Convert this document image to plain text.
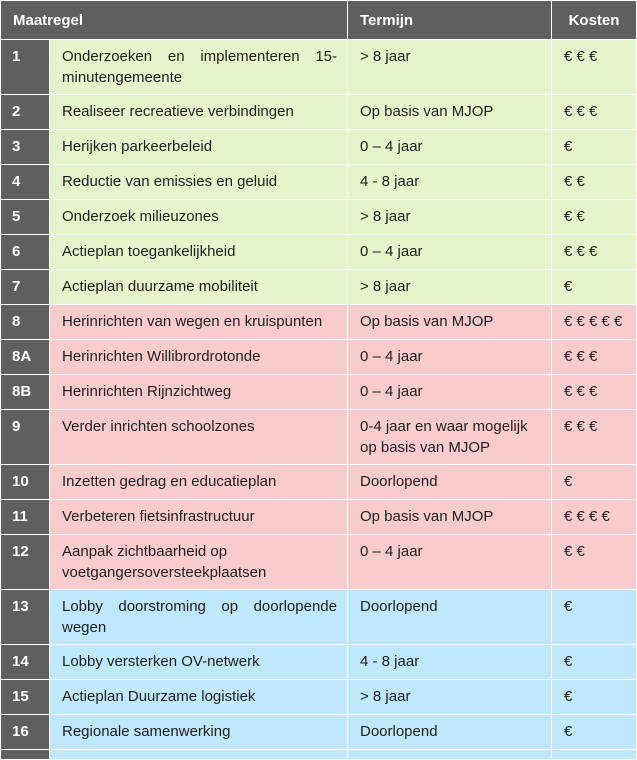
Maatregel		Termijn	Kosten
1	Onderzoeken en implementeren 15-minutengemeente	> 8 jaar	€ € €
2	Realiseer recreatieve verbindingen	Op basis van MJOP	€ € €
3	Herijken parkeerbeleid	0 – 4 jaar	€
4	Reductie van emissies en geluid	4 - 8 jaar	€ €
5	Onderzoek milieuzones	> 8 jaar	€ €
6	Actieplan toegankelijkheid	0 – 4 jaar	€ € €
7	Actieplan duurzame mobiliteit	> 8 jaar	€
8	Herinrichten van wegen en kruispunten	Op basis van MJOP	€ € € € €
8A	Herinrichten Willibrordrotonde	0 – 4 jaar	€ € €
8B	Herinrichten Rijnzichtweg	0 – 4 jaar	€ € €
9	Verder inrichten schoolzones	0-4 jaar en waar mogelijk op basis van MJOP	€ € €
10	Inzetten gedrag en educatieplan	Doorlopend	€
11	Verbeteren fietsinfrastructuur	Op basis van MJOP	€ € € €
12	Aanpak zichtbaarheid op voetgangersoversteekplaatsen	0 – 4 jaar	€ €
13	Lobby doorstroming op doorlopende wegen	Doorlopend	€
14	Lobby versterken OV-netwerk	4 - 8 jaar	€
15	Actieplan Duurzame logistiek	> 8 jaar	€
16	Regionale samenwerking	Doorlopend	€
